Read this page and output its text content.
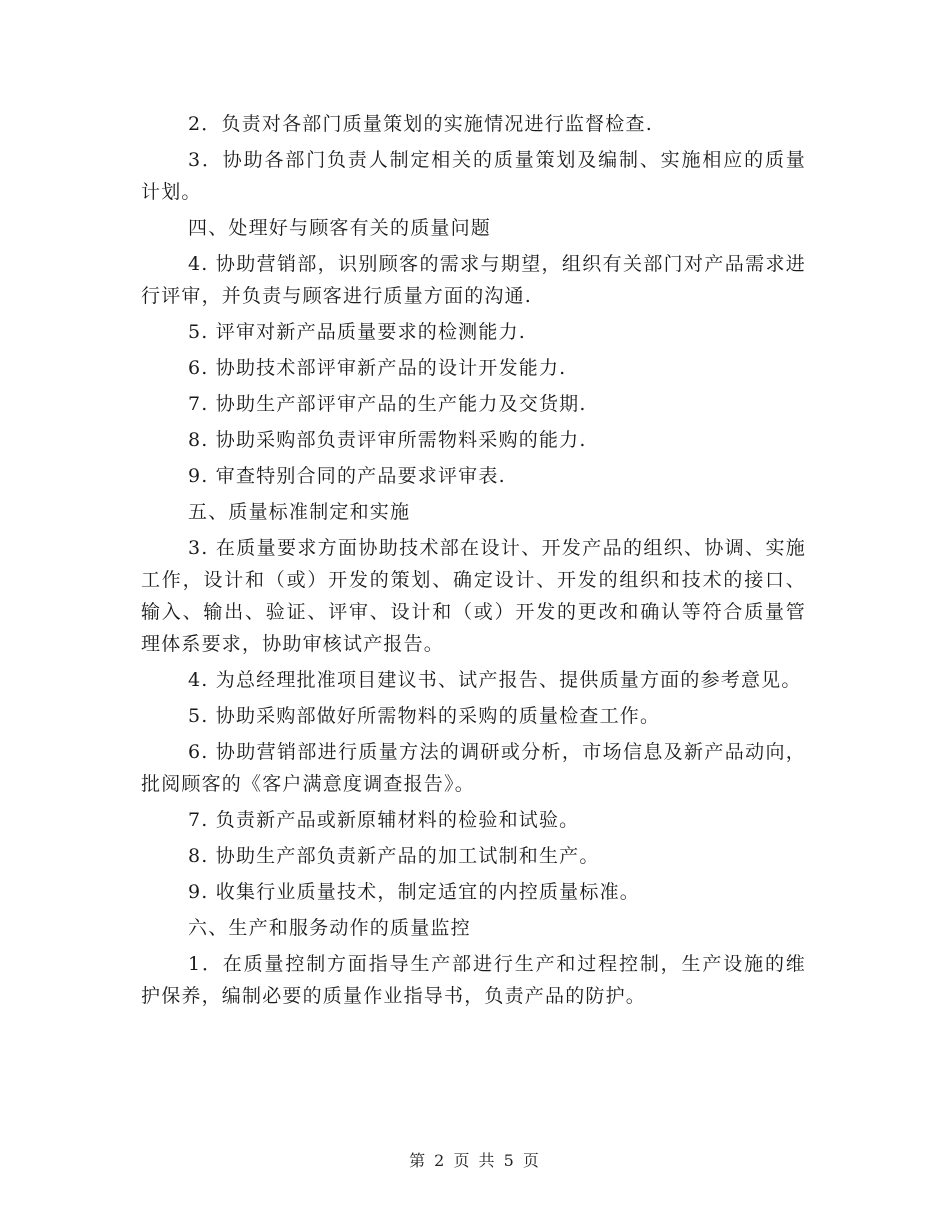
2．负责对各部门质量策划的实施情况进行监督检查.

3．协助各部门负责人制定相关的质量策划及编制、实施相应的质量计划。

四、处理好与顾客有关的质量问题

4. 协助营销部，识别顾客的需求与期望，组织有关部门对产品需求进行评审，并负责与顾客进行质量方面的沟通.

5. 评审对新产品质量要求的检测能力.

6. 协助技术部评审新产品的设计开发能力.

7. 协助生产部评审产品的生产能力及交货期.

8. 协助采购部负责评审所需物料采购的能力.

9. 审查特别合同的产品要求评审表.

五、质量标准制定和实施

3. 在质量要求方面协助技术部在设计、开发产品的组织、协调、实施工作，设计和（或）开发的策划、确定设计、开发的组织和技术的接口、输入、输出、验证、评审、设计和（或）开发的更改和确认等符合质量管理体系要求，协助审核试产报告。

4. 为总经理批准项目建议书、试产报告、提供质量方面的参考意见。

5. 协助采购部做好所需物料的采购的质量检查工作。

6. 协助营销部进行质量方法的调研或分析，市场信息及新产品动向，批阅顾客的《客户满意度调查报告》。

7. 负责新产品或新原辅材料的检验和试验。

8. 协助生产部负责新产品的加工试制和生产。

9. 收集行业质量技术，制定适宜的内控质量标准。

六、生产和服务动作的质量监控

1．在质量控制方面指导生产部进行生产和过程控制，生产设施的维护保养，编制必要的质量作业指导书，负责产品的防护。

第 2 页 共 5 页
